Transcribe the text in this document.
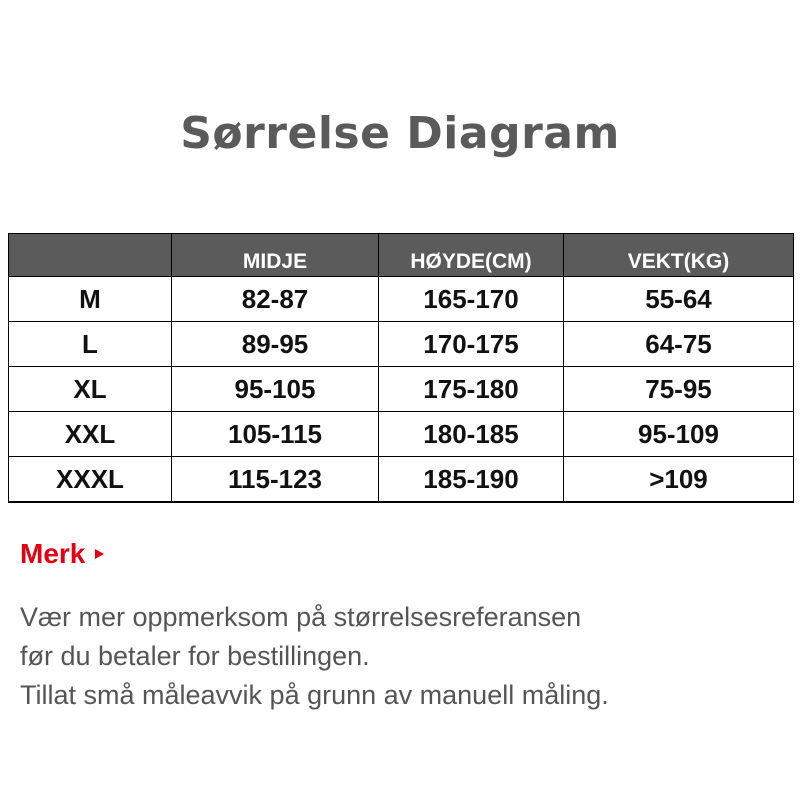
Sørrelse Diagram
	MIDJE	HØYDE(CM)	VEKT(KG)
M	82-87	165-170	55-64
L	89-95	170-175	64-75
XL	95-105	175-180	75-95
XXL	105-115	180-185	95-109
XXXL	115-123	185-190	>109
Merk
Vær mer oppmerksom på størrelsesreferansen
før du betaler for bestillingen.
Tillat små måleavvik på grunn av manuell måling.
